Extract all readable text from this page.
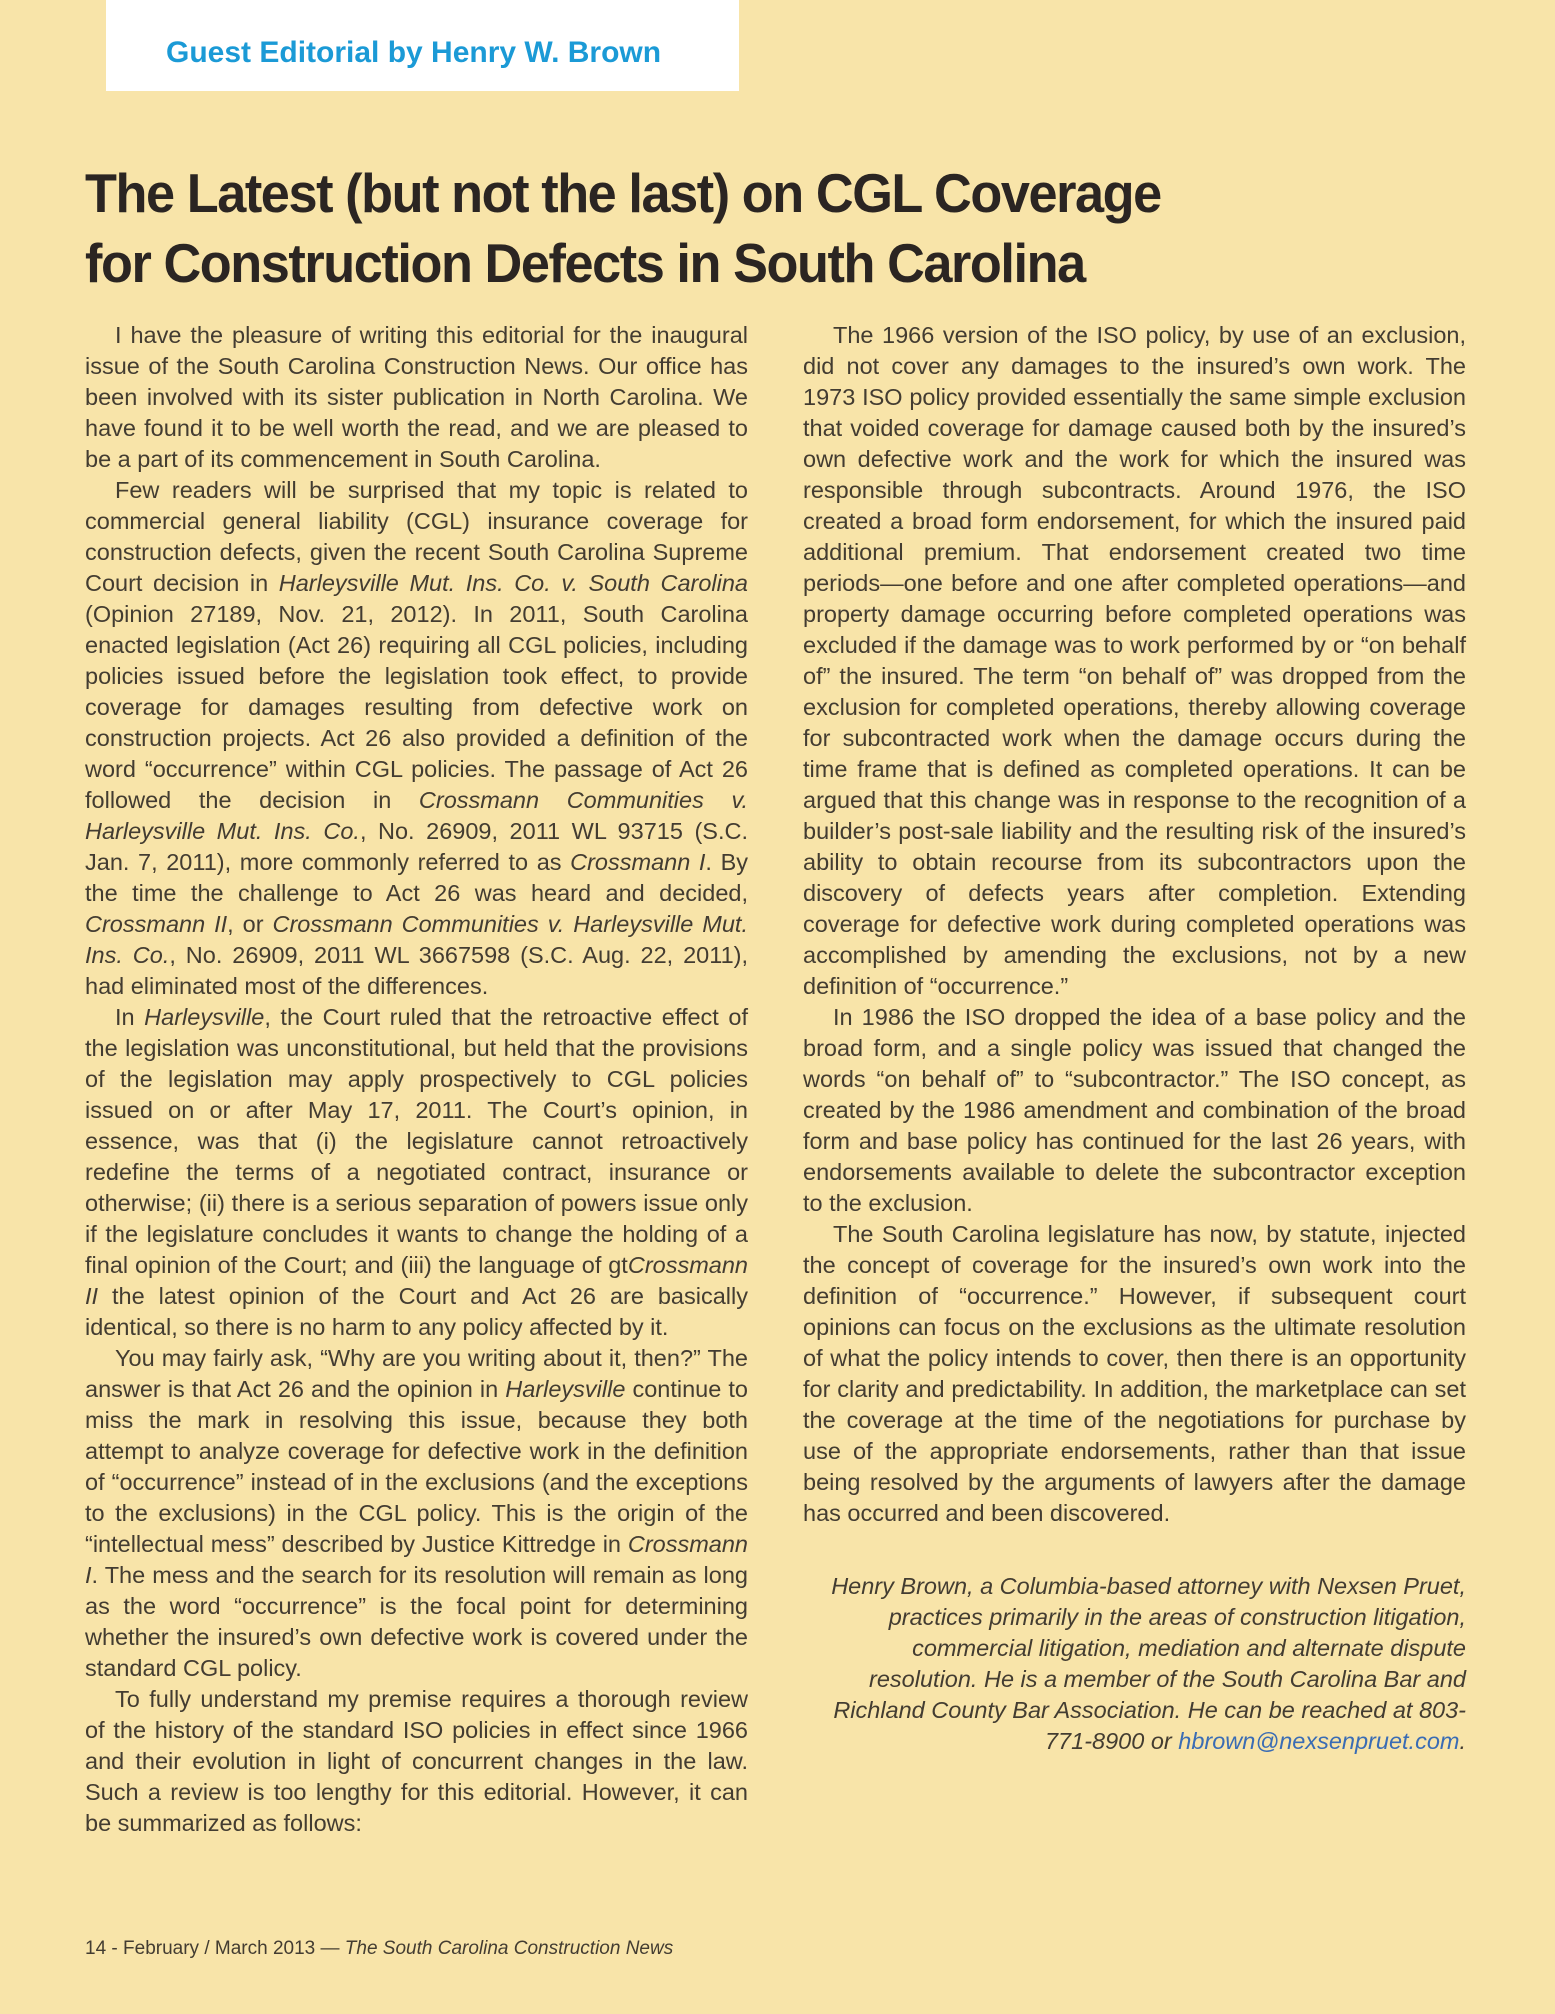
Guest Editorial by Henry W. Brown
The Latest (but not the last) on CGL Coverage
for Construction Defects in South Carolina

I have the pleasure of writing this editorial for the inaugural issue of the South Carolina Construction News. Our office has been involved with its sister publication in North Carolina. We have found it to be well worth the read, and we are pleased to be a part of its commencement in South Carolina.

Few readers will be surprised that my topic is related to commercial general liability (CGL) insurance coverage for construction defects, given the recent South Carolina Supreme Court decision in Harleysville Mut. Ins. Co. v. South Carolina (Opinion 27189, Nov. 21, 2012). In 2011, South Carolina enacted legislation (Act 26) requiring all CGL policies, including policies issued before the legislation took effect, to provide coverage for damages resulting from defective work on construction projects. Act 26 also provided a definition of the word “occurrence” within CGL policies. The passage of Act 26 followed the decision in Crossmann Communities v. Harleysville Mut. Ins. Co., No. 26909, 2011 WL 93715 (S.C. Jan. 7, 2011), more commonly referred to as Crossmann I. By the time the challenge to Act 26 was heard and decided, Crossmann II, or Crossmann Communities v. Harleysville Mut. Ins. Co., No. 26909, 2011 WL 3667598 (S.C. Aug. 22, 2011), had eliminated most of the differences.

In Harleysville, the Court ruled that the retroactive effect of the legislation was unconstitutional, but held that the provisions of the legislation may apply prospectively to CGL policies issued on or after May 17, 2011. The Court’s opinion, in essence, was that (i) the legislature cannot retroactively redefine the terms of a negotiated contract, insurance or otherwise; (ii) there is a serious separation of powers issue only if the legislature concludes it wants to change the holding of a final opinion of the Court; and (iii) the language of gtCrossmann II the latest opinion of the Court and Act 26 are basically identical, so there is no harm to any policy affected by it.

You may fairly ask, “Why are you writing about it, then?” The answer is that Act 26 and the opinion in Harleysville continue to miss the mark in resolving this issue, because they both attempt to analyze coverage for defective work in the definition of “occurrence” instead of in the exclusions (and the exceptions to the exclusions) in the CGL policy. This is the origin of the “intellectual mess” described by Justice Kittredge in Crossmann I. The mess and the search for its resolution will remain as long as the word “occurrence” is the focal point for determining whether the insured’s own defective work is covered under the standard CGL policy.

To fully understand my premise requires a thorough review of the history of the standard ISO policies in effect since 1966 and their evolution in light of concurrent changes in the law. Such a review is too lengthy for this editorial. However, it can be summarized as follows:

The 1966 version of the ISO policy, by use of an exclusion, did not cover any damages to the insured’s own work. The 1973 ISO policy provided essentially the same simple exclusion that voided coverage for damage caused both by the insured’s own defective work and the work for which the insured was responsible through subcontracts. Around 1976, the ISO created a broad form endorsement, for which the insured paid additional premium. That endorsement created two time periods—one before and one after completed operations—and property damage occurring before completed operations was excluded if the damage was to work performed by or “on behalf of” the insured. The term “on behalf of” was dropped from the exclusion for completed operations, thereby allowing coverage for subcontracted work when the damage occurs during the time frame that is defined as completed operations. It can be argued that this change was in response to the recognition of a builder’s post-sale liability and the resulting risk of the insured’s ability to obtain recourse from its subcontractors upon the discovery of defects years after completion. Extending coverage for defective work during completed operations was accomplished by amending the exclusions, not by a new definition of “occurrence.”

In 1986 the ISO dropped the idea of a base policy and the broad form, and a single policy was issued that changed the words “on behalf of” to “subcontractor.” The ISO concept, as created by the 1986 amendment and combination of the broad form and base policy has continued for the last 26 years, with endorsements available to delete the subcontractor exception to the exclusion.

The South Carolina legislature has now, by statute, injected the concept of coverage for the insured’s own work into the definition of “occurrence.” However, if subsequent court opinions can focus on the exclusions as the ultimate resolution of what the policy intends to cover, then there is an opportunity for clarity and predictability. In addition, the marketplace can set the coverage at the time of the negotiations for purchase by use of the appropriate endorsements, rather than that issue being resolved by the arguments of lawyers after the damage has occurred and been discovered.

Henry Brown, a Columbia-based attorney with Nexsen Pruet, practices primarily in the areas of construction litigation, commercial litigation, mediation and alternate dispute resolution. He is a member of the South Carolina Bar and Richland County Bar Association. He can be reached at 803-771-8900 or hbrown@nexsenpruet.com.

14 - February / March 2013 — The South Carolina Construction News
